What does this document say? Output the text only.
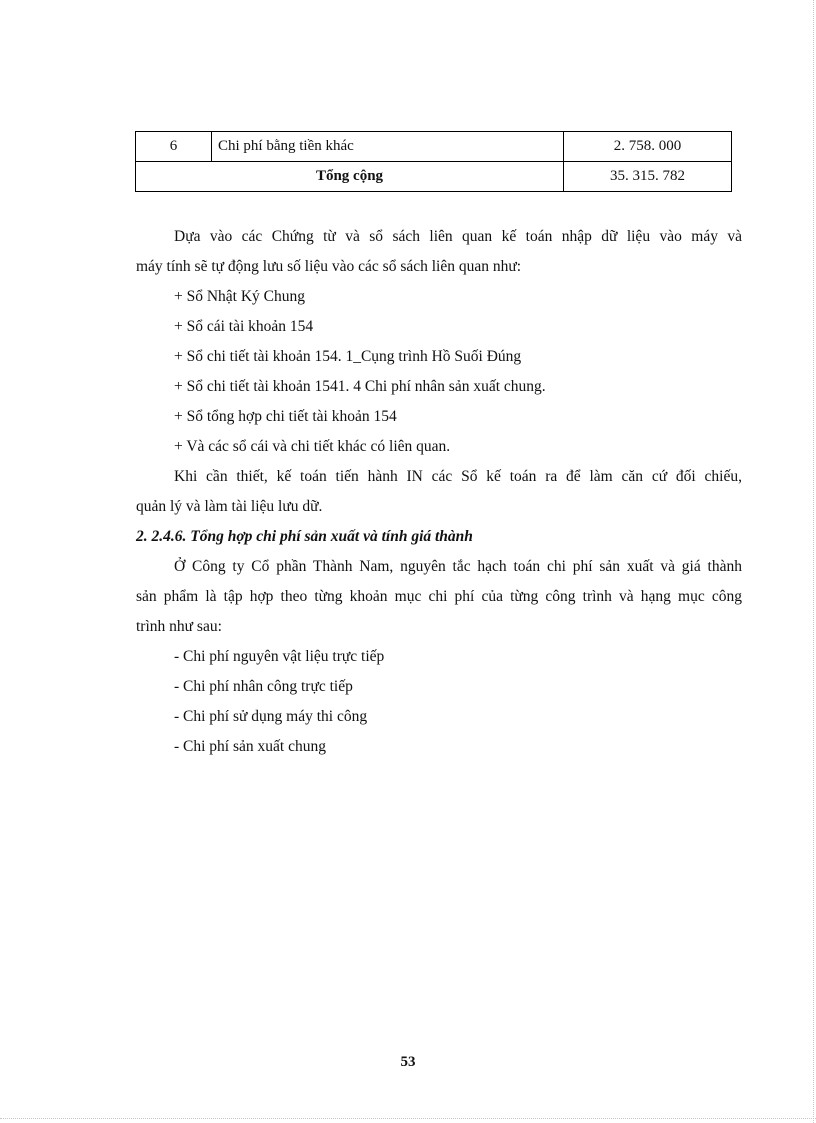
6	Chi phí bằng tiền khác	2. 758. 000
Tổng cộng		35. 315. 782

Dựa vào các Chứng từ và sổ sách liên quan kế toán nhập dữ liệu vào máy và

máy tính sẽ tự động lưu số liệu vào các sổ sách liên quan như:

+ Sổ Nhật Ký Chung

+ Sổ cái tài khoản 154

+ Sổ chi tiết tài khoản 154. 1_Cụng trình Hồ Suối Đúng

+ Sổ chi tiết tài khoản 1541. 4 Chi phí nhân sản xuất chung.

+ Sổ tổng hợp chi tiết tài khoản 154

+ Và các sổ cái và chi tiết khác có liên quan.

Khi cần thiết, kế toán tiến hành IN các Sổ kế toán ra để làm căn cứ đối chiếu,

quản lý và làm tài liệu lưu dữ.

2. 2.4.6. Tổng hợp chi phí sản xuất và tính giá thành

Ở Công ty Cổ phần Thành Nam, nguyên tắc hạch toán chi phí sản xuất và giá thành

sản phẩm là tập hợp theo từng khoản mục chi phí của từng công trình và hạng mục công

trình như sau:

- Chi phí nguyên vật liệu trực tiếp

- Chi phí nhân công trực tiếp

- Chi phí sử dụng máy thi công

- Chi phí sản xuất chung

53
